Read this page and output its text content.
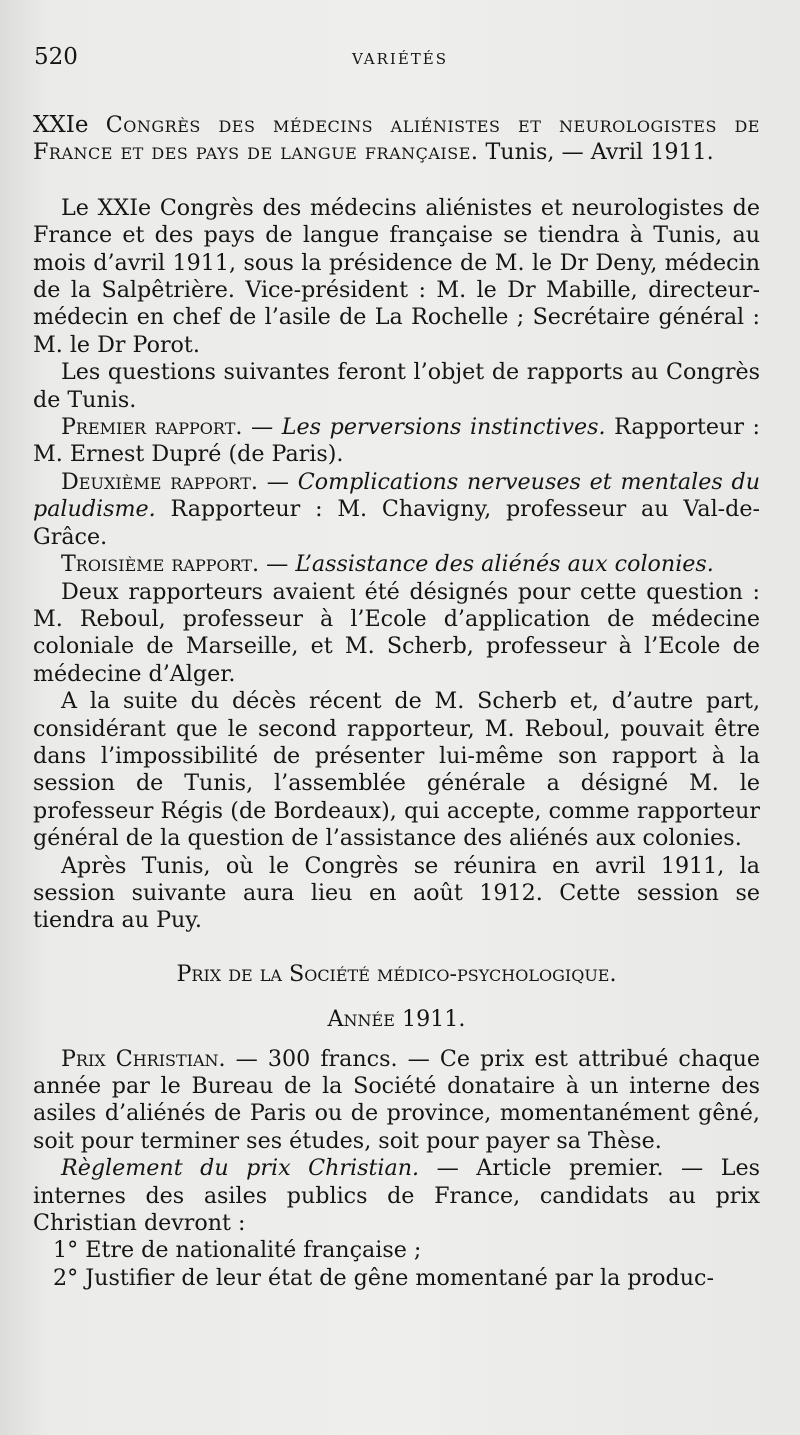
520	VARIÉTÉS

XXIe Congrès des médecins aliénistes et neurologistes de France et des pays de langue française. Tunis, — Avril 1911.

Le XXIe Congrès des médecins aliénistes et neurologistes de France et des pays de langue française se tiendra à Tunis, au mois d’avril 1911, sous la présidence de M. le Dr Deny, médecin de la Salpêtrière. Vice-président : M. le Dr Mabille, directeur-médecin en chef de l’asile de La Rochelle ; Secrétaire général : M. le Dr Porot.

Les questions suivantes feront l’objet de rapports au Congrès de Tunis.

Premier rapport. — Les perversions instinctives. Rapporteur : M. Ernest Dupré (de Paris).

Deuxième rapport. — Complications nerveuses et mentales du paludisme. Rapporteur : M. Chavigny, professeur au Val-de-Grâce.

Troisième rapport. — L’assistance des aliénés aux colonies.

Deux rapporteurs avaient été désignés pour cette question : M. Reboul, professeur à l’Ecole d’application de médecine coloniale de Marseille, et M. Scherb, professeur à l’Ecole de médecine d’Alger.

A la suite du décès récent de M. Scherb et, d’autre part, considérant que le second rapporteur, M. Reboul, pouvait être dans l’impossibilité de présenter lui-même son rapport à la session de Tunis, l’assemblée générale a désigné M. le professeur Régis (de Bordeaux), qui accepte, comme rapporteur général de la question de l’assistance des aliénés aux colonies.

Après Tunis, où le Congrès se réunira en avril 1911, la session suivante aura lieu en août 1912. Cette session se tiendra au Puy.

Prix de la Société médico-psychologique.

Année 1911.

Prix Christian. — 300 francs. — Ce prix est attribué chaque année par le Bureau de la Société donataire à un interne des asiles d’aliénés de Paris ou de province, momentanément gêné, soit pour terminer ses études, soit pour payer sa Thèse.

Règlement du prix Christian. — Article premier. — Les internes des asiles publics de France, candidats au prix Christian devront :

1° Etre de nationalité française ;

2° Justifier de leur état de gêne momentané par la produc-
